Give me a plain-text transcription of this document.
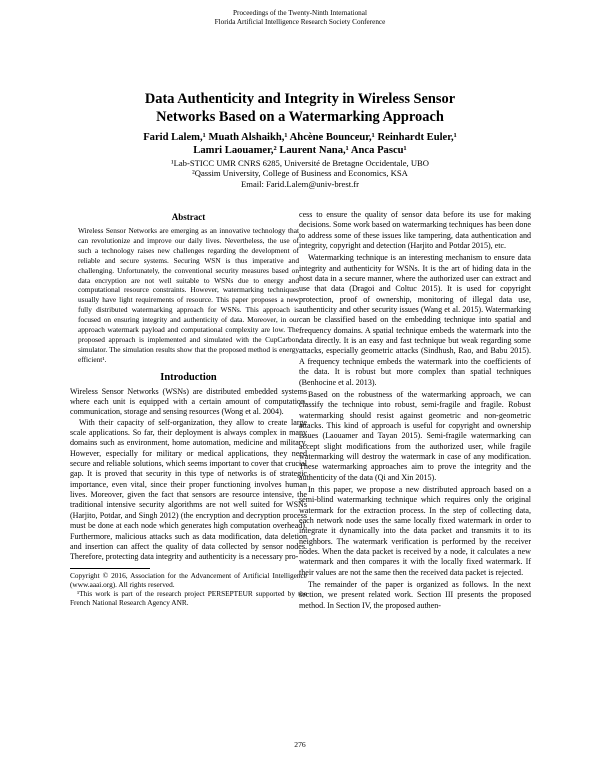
Proceedings of the Twenty-Ninth International
Florida Artificial Intelligence Research Society Conference
Data Authenticity and Integrity in Wireless Sensor
Networks Based on a Watermarking Approach
Farid Lalem,¹ Muath Alshaikh,¹ Ahcène Bounceur,¹ Reinhardt Euler,¹
Lamri Laouamer,² Laurent Nana,¹ Anca Pascu¹
¹Lab-STICC UMR CNRS 6285, Université de Bretagne Occidentale, UBO
²Qassim University, College of Business and Economics, KSA
Email: Farid.Lalem@univ-brest.fr
Abstract

Wireless Sensor Networks are emerging as an innovative technology that can revolutionize and improve our daily lives. Nevertheless, the use of such a technology raises new challenges regarding the development of reliable and secure systems. Securing WSN is thus imperative and challenging. Unfortunately, the conventional security measures based on data encryption are not well suitable to WSNs due to energy and computational resource constraints. However, watermarking techniques usually have light requirements of resource. This paper proposes a new fully distributed watermarking approach for WSNs. This approach is focused on ensuring integrity and authenticity of data. Moreover, in our approach watermark payload and computational complexity are low. The proposed approach is implemented and simulated with the CupCarbon simulator. The simulation results show that the proposed method is energy efficient¹.

Introduction

Wireless Sensor Networks (WSNs) are distributed embedded systems where each unit is equipped with a certain amount of computation, communication, storage and sensing resources (Wong et al. 2004).

With their capacity of self-organization, they allow to create large scale applications. So far, their deployment is always complex in many domains such as environment, home automation, medicine and military. However, especially for military or medical applications, they need secure and reliable solutions, which seems important to cover that crucial gap. It is proved that security in this type of networks is of strategic importance, even vital, since their proper functioning involves human lives. Moreover, given the fact that sensors are resource intensive, the traditional intensive security algorithms are not well suited for WSNs (Harjito, Potdar, and Singh 2012) (the encryption and decryption process must be done at each node which generates high computation overhead). Furthermore, malicious attacks such as data modification, data deletion and insertion can affect the quality of data collected by sensor nodes. Therefore, protecting data integrity and authenticity is a necessary pro-

Copyright © 2016, Association for the Advancement of Artificial Intelligence (www.aaai.org). All rights reserved.

¹This work is part of the research project PERSEPTEUR supported by the French National Research Agency ANR.

cess to ensure the quality of sensor data before its use for making decisions. Some work based on watermarking techniques has been done to address some of these issues like tampering, data authentication and integrity, copyright and detection (Harjito and Potdar 2015), etc.

Watermarking technique is an interesting mechanism to ensure data integrity and authenticity for WSNs. It is the art of hiding data in the host data in a secure manner, where the authorized user can extract and use that data (Dragoi and Coltuc 2015). It is used for copyright protection, proof of ownership, monitoring of illegal data use, authenticity and other security issues (Wang et al. 2015). Watermarking can be classified based on the embedding technique into spatial and frequency domains. A spatial technique embeds the watermark into the data directly. It is an easy and fast technique but weak regarding some attacks, especially geometric attacks (Sindhush, Rao, and Babu 2015). A frequency technique embeds the watermark into the coefficients of the data. It is robust but more complex than spatial techniques (Benhocine et al. 2013).

Based on the robustness of the watermarking approach, we can classify the technique into robust, semi-fragile and fragile. Robust watermarking should resist against geometric and non-geometric attacks. This kind of approach is useful for copyright and ownership issues (Laouamer and Tayan 2015). Semi-fragile watermarking can accept slight modifications from the authorized user, while fragile watermarking will destroy the watermark in case of any modification. These watermarking approaches aim to prove the integrity and the authenticity of the data (Qi and Xin 2015).

In this paper, we propose a new distributed approach based on a semi-blind watermarking technique which requires only the original watermark for the extraction process. In the step of collecting data, each network node uses the same locally fixed watermark in order to integrate it dynamically into the data packet and transmits it to its neighbors. The watermark verification is performed by the receiver nodes. When the data packet is received by a node, it calculates a new watermark and then compares it with the locally fixed watermark. If their values are not the same then the received data packet is rejected.

The remainder of the paper is organized as follows. In the next section, we present related work. Section III presents the proposed method. In Section IV, the proposed authen-

276
